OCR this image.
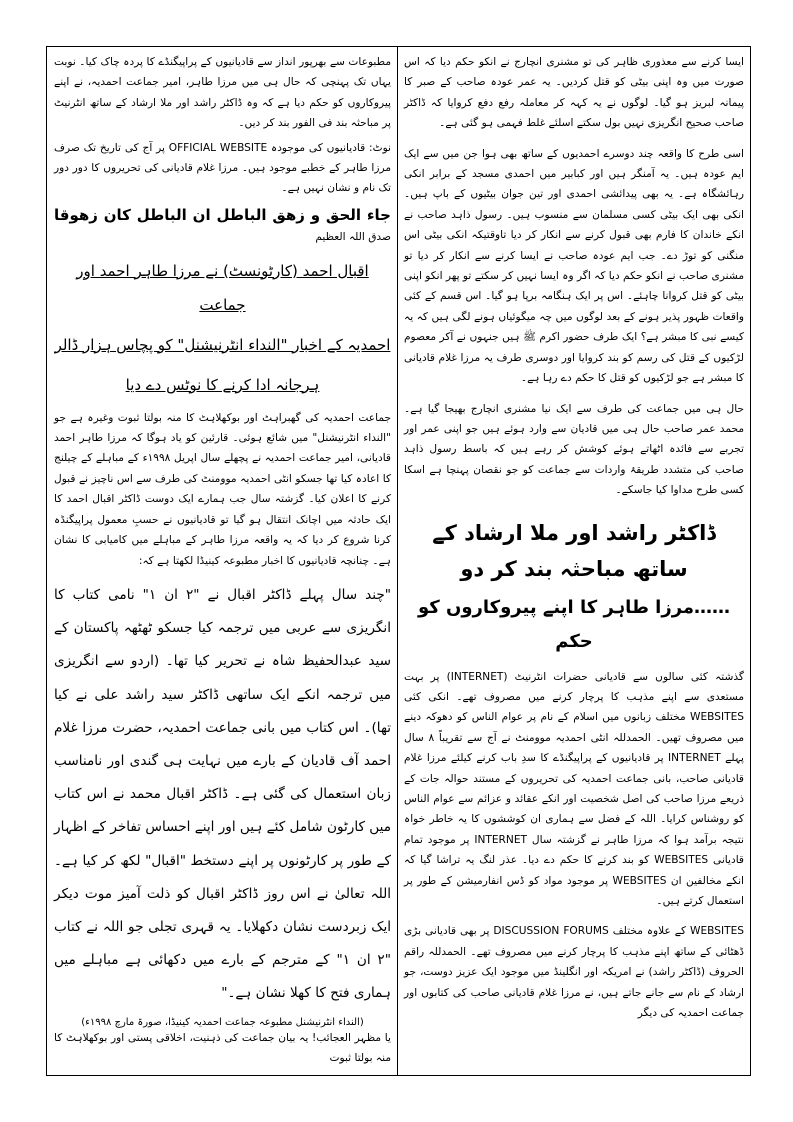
ایسا کرنے سے معذوری ظاہر کی تو مشنری انچارج نے انکو حکم دیا کہ اس صورت میں وہ اپنی بیٹی کو قتل کردیں۔ یہ عمر عودہ صاحب کے صبر کا پیمانہ لبریز ہو گیا۔ لوگوں نے یہ کہہ کر معاملہ رفع دفع کروایا کہ ڈاکٹر صاحب صحیح انگریزی نہیں بول سکتے اسلئے غلط فہمی ہو گئی ہے۔

اسی طرح کا واقعہ چند دوسرے احمدیوں کے ساتھ بھی ہوا جن میں سے ایک ایم عودہ ہیں۔ یہ آمنگر ہیں اور کبابیر میں احمدی مسجد کے برابر انکی رہائشگاہ ہے۔ یہ بھی پیدائشی احمدی اور تین جوان بیٹیوں کے باپ ہیں۔ انکی بھی ایک بیٹی کسی مسلمان سے منسوب ہیں۔ رسول ذاہد صاحب نے انکے خاندان کا فارم بھی قبول کرنے سے انکار کر دیا تاوقتیکہ انکی بیٹی اس منگنی کو توڑ دے۔ جب ایم عودہ صاحب نے ایسا کرنے سے انکار کر دیا تو مشنری صاحب نے انکو حکم دیا کہ اگر وہ ایسا نہیں کر سکتے تو پھر انکو اپنی بیٹی کو قتل کروانا چاہئے۔ اس پر ایک ہنگامہ برپا ہو گیا۔ اس قسم کے کئی واقعات ظہور پذیر ہونے کے بعد لوگوں میں چہ میگوئیاں ہونے لگی ہیں کہ یہ کیسے نبی کا مبشر ہے؟ ایک طرف حضور اکرم ﷺ ہیں جنہوں نے آکر معصوم لڑکیوں کے قتل کی رسم کو بند کروایا اور دوسری طرف یہ مرزا غلام قادیانی کا مبشر ہے جو لڑکیوں کو قتل کا حکم دے رہا ہے۔

حال ہی میں جماعت کی طرف سے ایک نیا مشنری انچارج بھیجا گیا ہے۔ محمد عمر صاحب حال ہی میں قادیان سے وارد ہوئے ہیں جو اپنی عمر اور تجربے سے فائدہ اٹھاتے ہوئے کوشش کر رہے ہیں کہ باسط رسول ذاہد صاحب کی متشدد طریقۂ واردات سے جماعت کو جو نقصان پہنچا ہے اسکا کسی طرح مداوا کیا جاسکے۔

ڈاکٹر راشد اور ملا ارشاد کے ساتھ مباحثہ بند کر دو
……مرزا طاہر کا اپنے پیروکاروں کو حکم

گذشتہ کئی سالوں سے قادیانی حضرات انٹرنیٹ (INTERNET) پر بہت مستعدی سے اپنے مذہب کا پرچار کرنے میں مصروف تھے۔ انکی کئی WEBSITES مختلف زبانوں میں اسلام کے نام پر عوام الناس کو دھوکہ دینے میں مصروف تھیں۔ الحمدللہ انٹی احمدیہ موومنٹ نے آج سے تقریباً ۸ سال پہلے INTERNET پر قادیانیوں کے پراپیگنڈے کا سدِ باب کرنے کیلئے مرزا غلام قادیانی صاحب، بانی جماعت احمدیہ کی تحریروں کے مستند حوالہ جات کے ذریعے مرزا صاحب کی اصل شخصیت اور انکے عقائد و عزائم سے عوام الناس کو روشناس کرایا۔ اللہ کے فضل سے ہماری ان کوششوں کا یہ خاطر خواہ نتیجہ برآمد ہوا کہ مرزا طاہر نے گزشتہ سال INTERNET پر موجود تمام قادیانی WEBSITES کو بند کرنے کا حکم دے دیا۔ عذر لنگ یہ تراشا گیا کہ انکے مخالفین ان WEBSITES پر موجود مواد کو ڈس انفارمیشن کے طور پر استعمال کرتے ہیں۔

WEBSITES کے علاوہ مختلف DISCUSSION FORUMS پر بھی قادیانی بڑی ڈھٹائی کے ساتھ اپنے مذہب کا پرچار کرنے میں مصروف تھے۔ الحمدللہ راقم الحروف (ڈاکٹر راشد) نے امریکہ اور انگلینڈ میں موجود ایک عزیز دوست، جو ارشاد کے نام سے جانے جاتے ہیں، نے مرزا غلام قادیانی صاحب کی کتابوں اور جماعت احمدیہ کی دیگر

مطبوعات سے بھرپور انداز سے قادیانیوں کے پراپیگنڈے کا پردہ چاک کیا۔ نوبت یہاں تک پہنچی کہ حال ہی میں مرزا طاہر، امیر جماعت احمدیہ، نے اپنے پیروکاروں کو حکم دیا ہے کہ وہ ڈاکٹر راشد اور ملا ارشاد کے ساتھ انٹرنیٹ پر مباحثہ بند فی الفور بند کر دیں۔

نوٹ: قادیانیوں کی موجودہ OFFICIAL WEBSITE پر آج کی تاریخ تک صرف مرزا طاہر کے خطبے موجود ہیں۔ مرزا غلام قادیانی کی تحریروں کا دور دور تک نام و نشان نہیں ہے۔

جاء الحق و زهق الباطل ان الباطل كان زهوقا صدق اللہ العظیم

اقبال احمد (کارٹونسٹ) نے مرزا طاہر احمد اور جماعت
احمدیہ کے اخبار "النداء انٹرنیشنل" کو پچاس ہزار ڈالر
ہرجانہ ادا کرنے کا نوٹس دے دیا

جماعت احمدیہ کی گھبراہٹ اور بوکھلاہٹ کا منہ بولتا ثبوت وغیرہ ہے جو "النداء انٹرنیشنل" میں شائع ہوئی۔ قارئین کو یاد ہوگا کہ مرزا طاہر احمد قادیانی، امیر جماعت احمدیہ نے پچھلے سال اپریل ۱۹۹۸ء کے مباہلے کے چیلنج کا اعادہ کیا تھا جسکو انٹی احمدیہ موومنٹ کی طرف سے اس ناچیز نے قبول کرنے کا اعلان کیا۔ گزشتہ سال جب ہمارے ایک دوست ڈاکٹر اقبال احمد کا ایک حادثہ میں اچانک انتقال ہو گیا تو قادیانیوں نے حسبِ معمول پراپیگنڈہ کرنا شروع کر دیا کہ یہ واقعہ مرزا طاہر کے مباہلے میں کامیابی کا نشان ہے۔ چنانچہ قادیانیوں کا اخبار مطبوعہ کینیڈا لکھتا ہے کہ:

"چند سال پہلے ڈاکٹر اقبال نے "۲ ان ۱" نامی کتاب کا انگریزی سے عربی میں ترجمہ کیا جسکو ٹھٹھہ پاکستان کے سید عبدالحفیظ شاہ نے تحریر کیا تھا۔ (اردو سے انگریزی میں ترجمہ انکے ایک ساتھی ڈاکٹر سید راشد علی نے کیا تھا)۔ اس کتاب میں بانی جماعت احمدیہ، حضرت مرزا غلام احمد آف قادیان کے بارے میں نہایت ہی گندی اور نامناسب زبان استعمال کی گئی ہے۔ ڈاکٹر اقبال محمد نے اس کتاب میں کارٹون شامل کئے ہیں اور اپنے احساس تفاخر کے اظہار کے طور پر کارٹونوں پر اپنے دستخط "اقبال" لکھ کر کیا ہے۔ اللہ تعالیٰ نے اس روز ڈاکٹر اقبال کو ذلت آمیز موت دیکر ایک زبردست نشان دکھلایا۔ یہ قہری تجلی جو اللہ نے کتاب "۲ ان ۱" کے مترجم کے بارے میں دکھائی ہے مباہلے میں ہماری فتح کا کھلا نشان ہے۔"

(النداء انٹرنیشنل مطبوعہ جماعت احمدیہ کینیڈا، صورۃ مارچ ۱۹۹۸ء)

یا مظہر العجائب! یہ بیان جماعت کی ذہنیت، اخلاقی پستی اور بوکھلاہٹ کا منہ بولتا ثبوت
